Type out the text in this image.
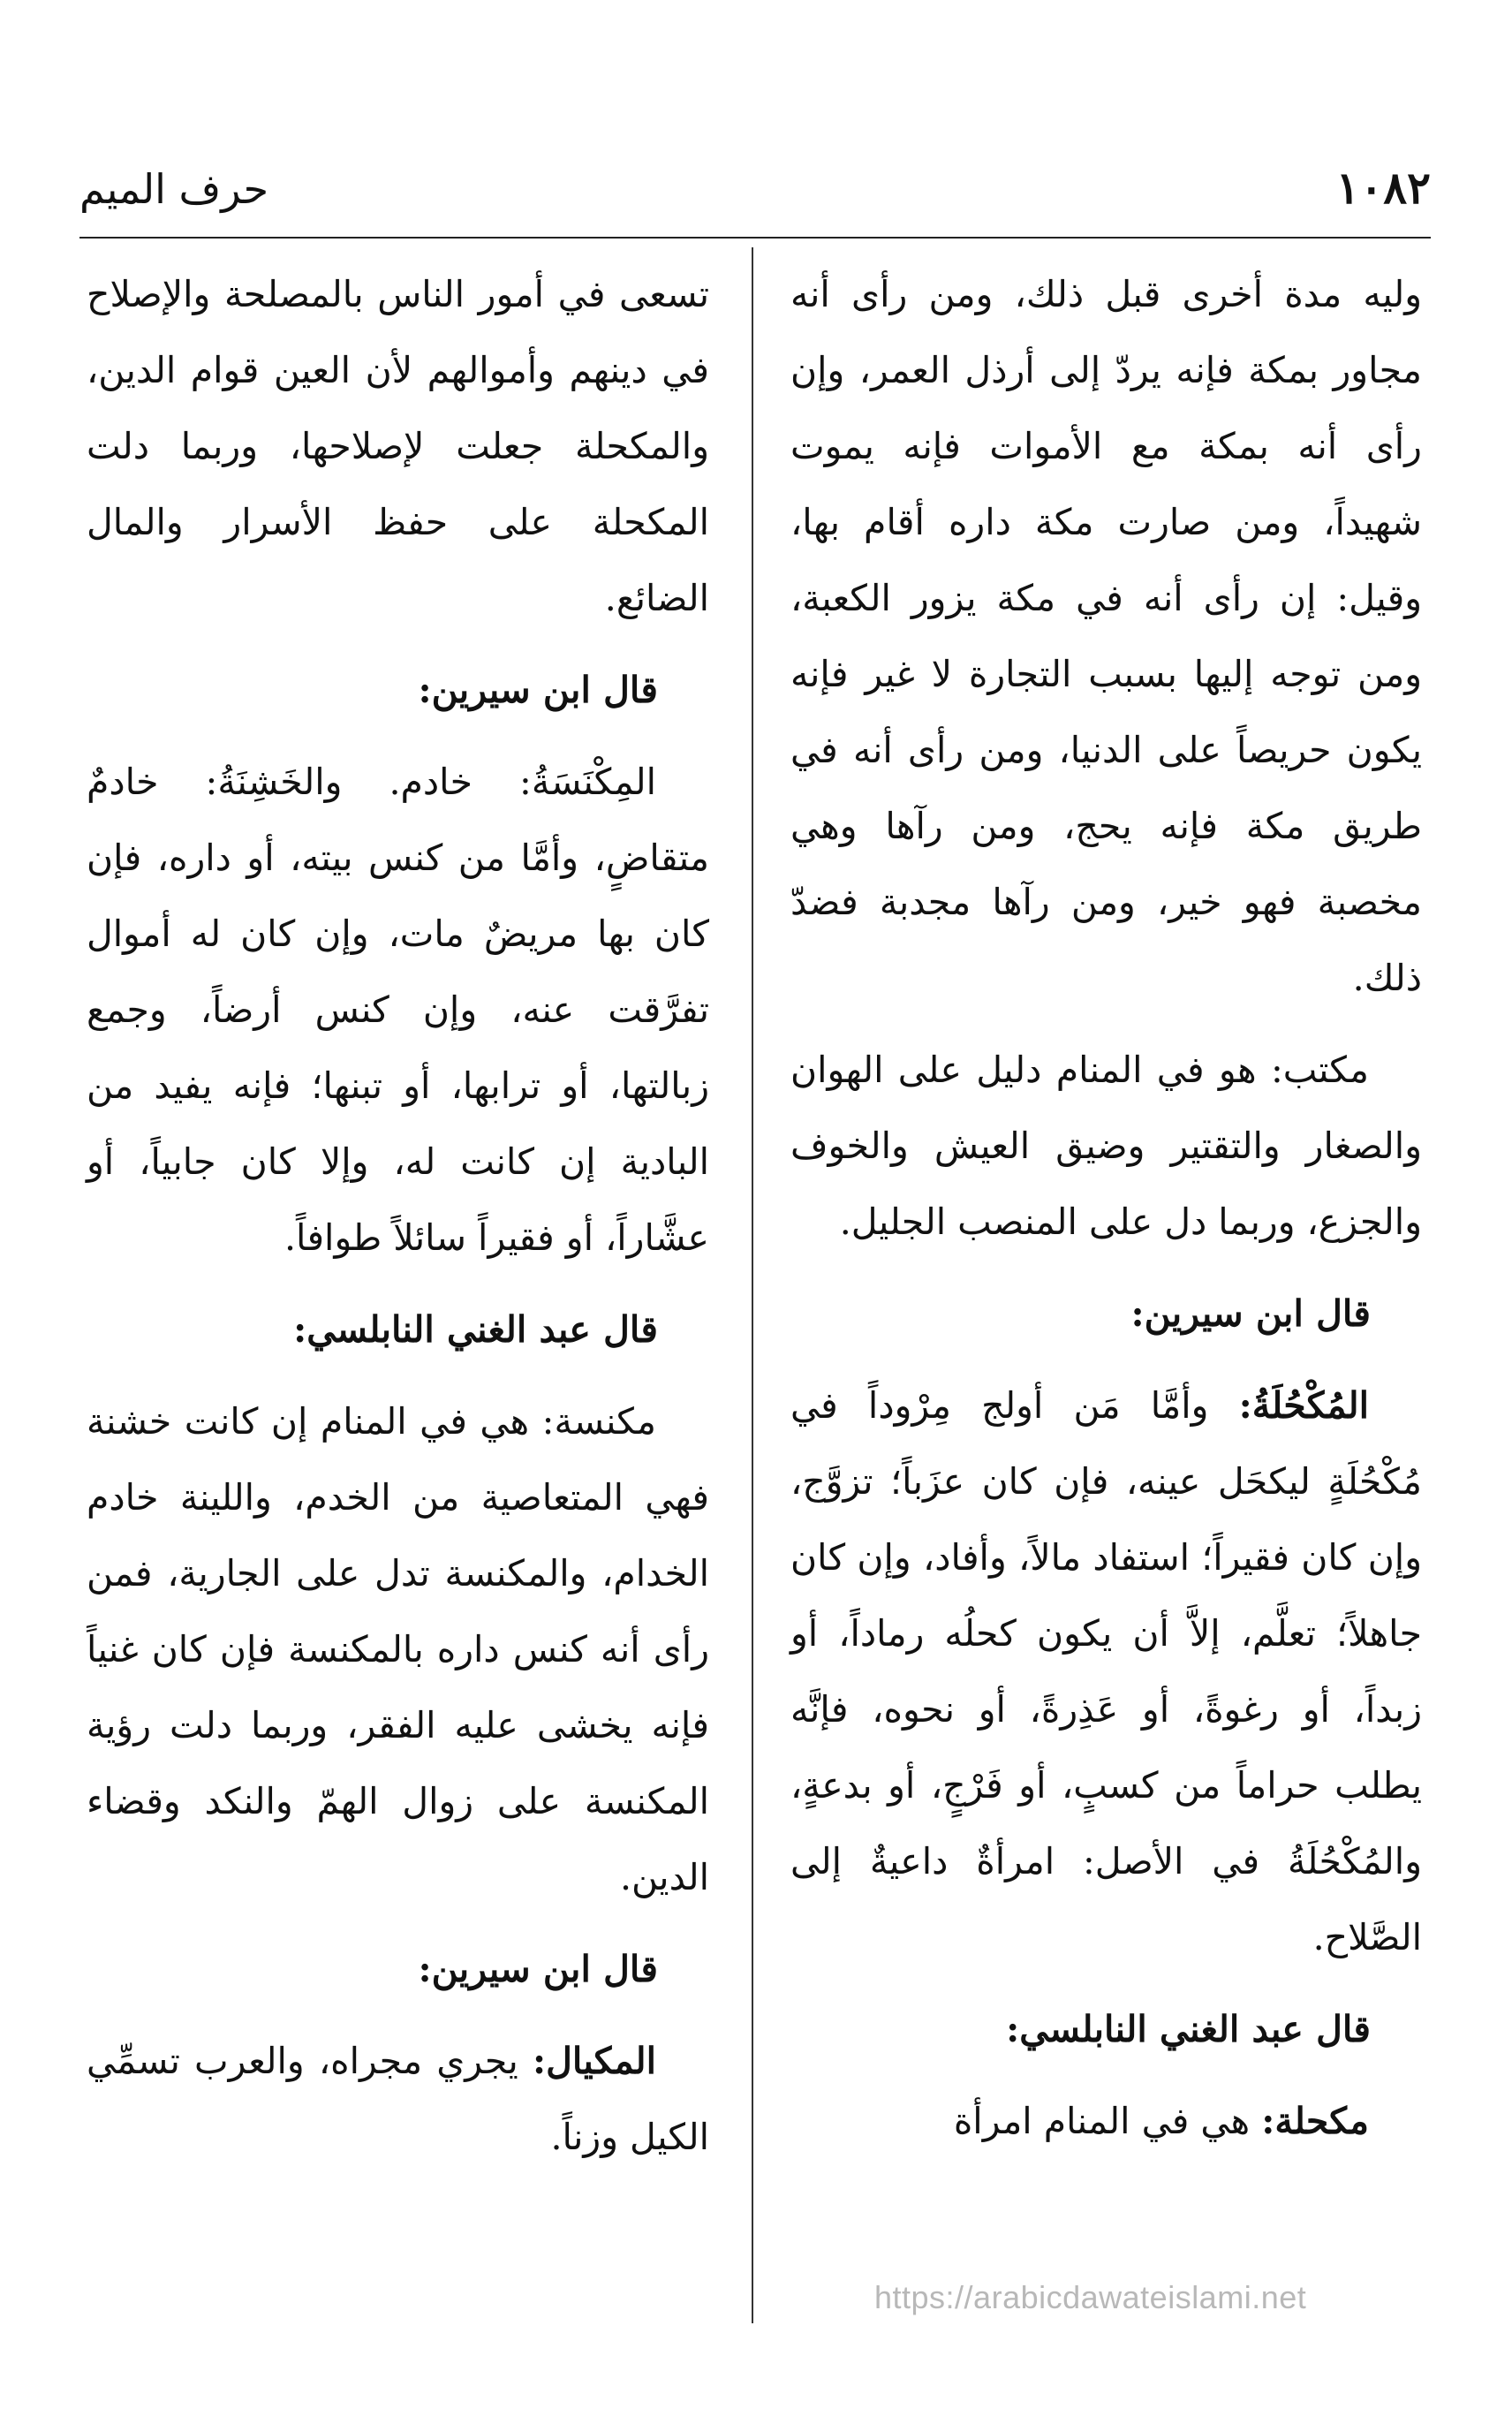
١٠٨٢
حرف الميم

وليه مدة أخرى قبل ذلك، ومن رأى أنه مجاور بمكة فإنه يردّ إلى أرذل العمر، وإن رأى أنه بمكة مع الأموات فإنه يموت شهيداً، ومن صارت مكة داره أقام بها، وقيل: إن رأى أنه في مكة يزور الكعبة، ومن توجه إليها بسبب التجارة لا غير فإنه يكون حريصاً على الدنيا، ومن رأى أنه في طريق مكة فإنه يحج، ومن رآها وهي مخصبة فهو خير، ومن رآها مجدبة فضدّ ذلك.

مكتب: هو في المنام دليل على الهوان والصغار والتقتير وضيق العيش والخوف والجزع، وربما دل على المنصب الجليل.

قال ابن سيرين:

المُكْحُلَةُ: وأمَّا مَن أولج مِرْوداً في مُكْحُلَةٍ ليكحَل عينه، فإن كان عزَباً؛ تزوَّج، وإن كان فقيراً؛ استفاد مالاً، وأفاد، وإن كان جاهلاً؛ تعلَّم، إلاَّ أن يكون كحلُه رماداً، أو زبداً، أو رغوةً، أو عَذِرةً، أو نحوه، فإنَّه يطلب حراماً من كسبٍ، أو فَرْجٍ، أو بدعةٍ، والمُكْحُلَةُ في الأصل: امرأةٌ داعيةٌ إلى الصَّلاح.

قال عبد الغني النابلسي:

مكحلة: هي في المنام امرأة

تسعى في أمور الناس بالمصلحة والإصلاح في دينهم وأموالهم لأن العين قوام الدين، والمكحلة جعلت لإصلاحها، وربما دلت المكحلة على حفظ الأسرار والمال الضائع.

قال ابن سيرين:

المِكْنَسَةُ: خادم. والخَشِنَةُ: خادمٌ متقاضٍ، وأمَّا من كنس بيته، أو داره، فإن كان بها مريضٌ مات، وإن كان له أموال تفرَّقت عنه، وإن كنس أرضاً، وجمع زبالتها، أو ترابها، أو تبنها؛ فإنه يفيد من البادية إن كانت له، وإلا كان جابياً، أو عشَّاراً، أو فقيراً سائلاً طوافاً.

قال عبد الغني النابلسي:

مكنسة: هي في المنام إن كانت خشنة فهي المتعاصية من الخدم، واللينة خادم الخدام، والمكنسة تدل على الجارية، فمن رأى أنه كنس داره بالمكنسة فإن كان غنياً فإنه يخشى عليه الفقر، وربما دلت رؤية المكنسة على زوال الهمّ والنكد وقضاء الدين.

قال ابن سيرين:

المكيال: يجري مجراه، والعرب تسمِّي الكيل وزناً.

https://arabicdawateislami.net
